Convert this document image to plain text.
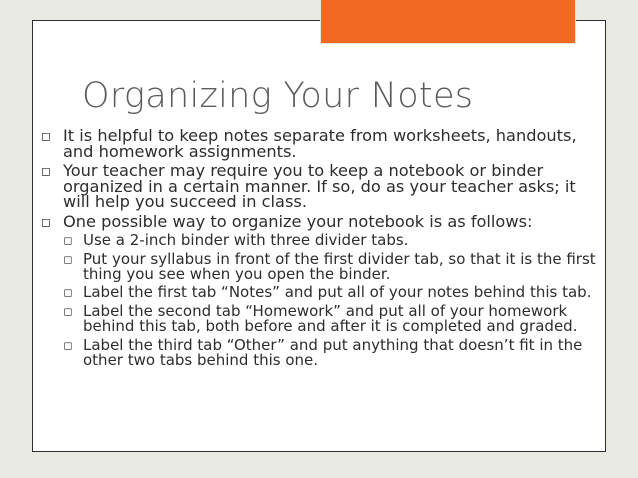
Organizing Your Notes
◻ It is helpful to keep notes separate from worksheets, handouts, and homework assignments.
◻ Your teacher may require you to keep a notebook or binder organized in a certain manner. If so, do as your teacher asks; it will help you succeed in class.
◻ One possible way to organize your notebook is as follows:
◻ Use a 2-inch binder with three divider tabs.
◻ Put your syllabus in front of the first divider tab, so that it is the first thing you see when you open the binder.
◻ Label the first tab “Notes” and put all of your notes behind this tab.
◻ Label the second tab “Homework” and put all of your homework behind this tab, both before and after it is completed and graded.
◻ Label the third tab “Other” and put anything that doesn’t fit in the other two tabs behind this one.
